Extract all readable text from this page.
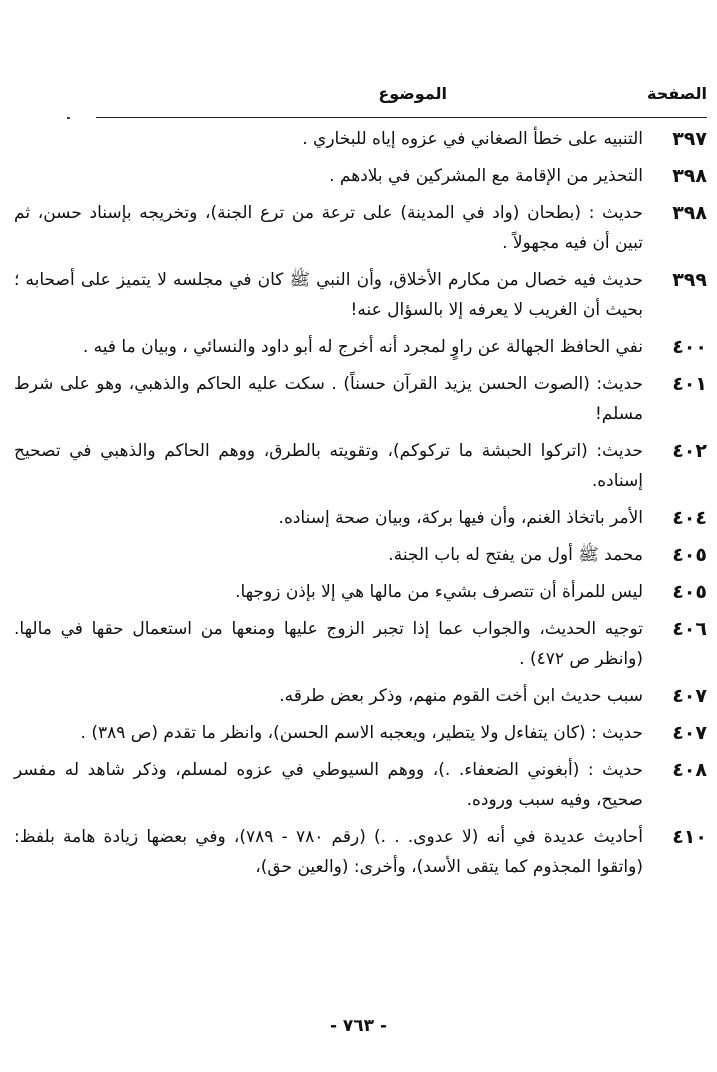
الصفحة
الموضوع
٣٩٧
التنبيه على خطأ الصغاني في عزوه إياه للبخاري .
٣٩٨
التحذير من الإقامة مع المشركين في بلادهم .
٣٩٨
حديث : (بطحان (واد في المدينة) على ترعة من ترع الجنة)، وتخريجه بإسناد حسن، ثم تبين أن فيه مجهولاً .
٣٩٩
حديث فيه خصال من مكارم الأخلاق، وأن النبي ﷺ كان في مجلسه لا يتميز على أصحابه ؛ بحيث أن الغريب لا يعرفه إلا بالسؤال عنه!
٤٠٠
نفي الحافظ الجهالة عن راوٍ لمجرد أنه أخرج له أبو داود والنسائي ، وبيان ما فيه .
٤٠١
حديث: (الصوت الحسن يزيد القرآن حسناً) . سكت عليه الحاكم والذهبي، وهو على شرط مسلم!
٤٠٢
حديث: (اتركوا الحبشة ما تركوكم)، وتقويته بالطرق، ووهم الحاكم والذهبي في تصحيح إسناده.
٤٠٤
الأمر باتخاذ الغنم، وأن فيها بركة، وبيان صحة إسناده.
٤٠٥
محمد ﷺ أول من يفتح له باب الجنة.
٤٠٥
ليس للمرأة أن تتصرف بشيء من مالها هي إلا بإذن زوجها.
٤٠٦
توجيه الحديث، والجواب عما إذا تجبر الزوج عليها ومنعها من استعمال حقها في مالها. (وانظر ص ٤٧٢) .
٤٠٧
سبب حديث ابن أخت القوم منهم، وذكر بعض طرقه.
٤٠٧
حديث : (كان يتفاءل ولا يتطير، ويعجبه الاسم الحسن)، وانظر ما تقدم (ص ٣٨٩) .
٤٠٨
حديث : (أبغوني الضعفاء. .)، ووهم السيوطي في عزوه لمسلم، وذكر شاهد له مفسر صحيح، وفيه سبب وروده.
٤١٠
أحاديث عديدة في أنه (لا عدوى. . .) (رقم ٧٨٠ - ٧٨٩)، وفي بعضها زيادة هامة بلفظ: (واتقوا المجذوم كما يتقى الأسد)، وأخرى: (والعين حق)،
- ٧٦٣ -
